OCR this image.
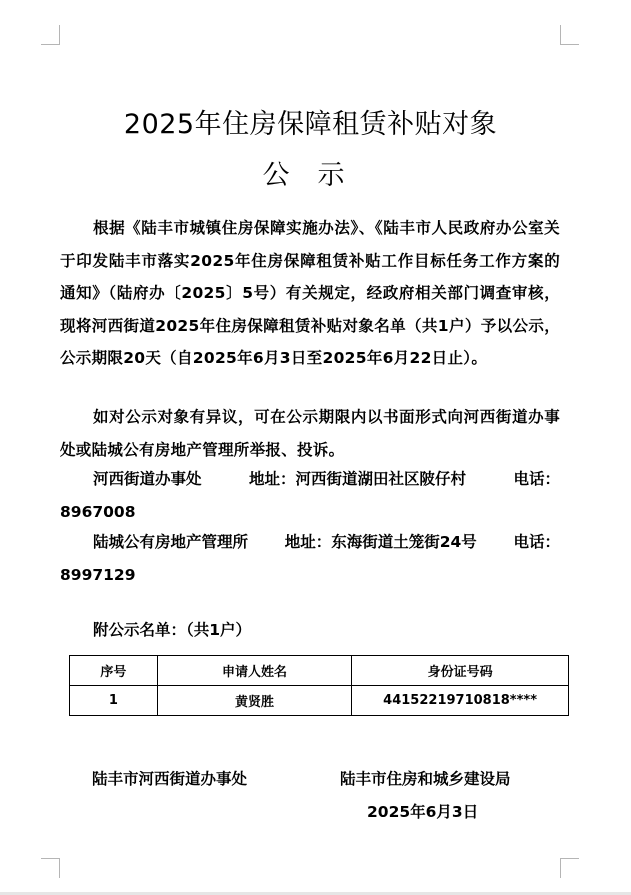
2025年住房保障租赁补贴对象
公示
根据《陆丰市城镇住房保障实施办法》、《陆丰市人民政府办公室关于印发陆丰市落实2025年住房保障租赁补贴工作目标任务工作方案的通知》（陆府办〔2025〕5号）有关规定，经政府相关部门调查审核，现将河西街道2025年住房保障租赁补贴对象名单（共1户）予以公示，公示期限20天（自2025年6月3日至2025年6月22日止）。
如对公示对象有异议，可在公示期限内以书面形式向河西街道办事处或陆城公有房地产管理所举报、投诉。
河西街道办事处	地址：河西街道湖田社区陂仔村	电话：
8967008
陆城公有房地产管理所 地址：东海街道土笼街24号 电话：
8997129
附公示名单：（共1户）
序号	申请人姓名	身份证号码
1	黄贤胜	44152219710818****
陆丰市河西街道办事处	陆丰市住房和城乡建设局
2025年6月3日
